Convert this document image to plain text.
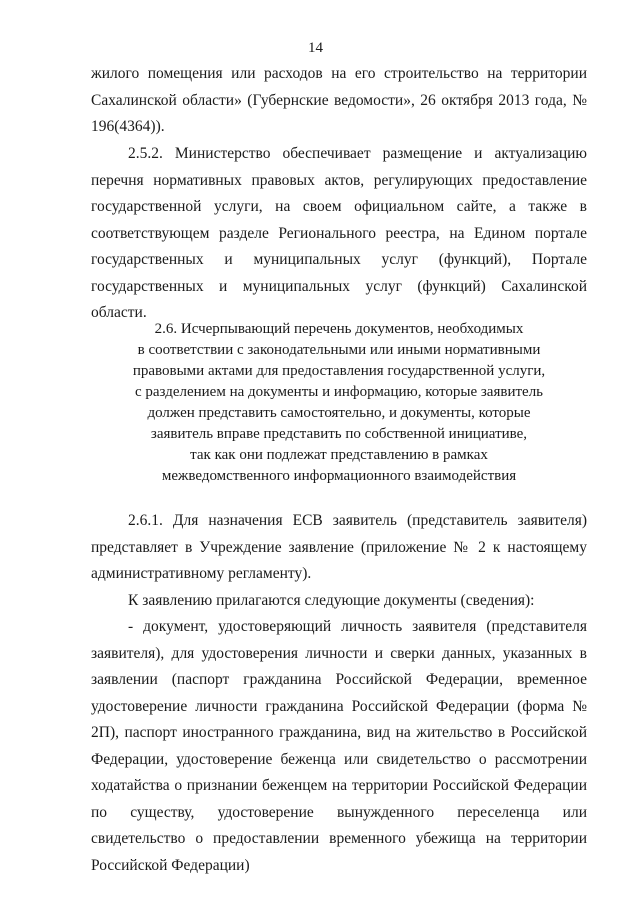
14

жилого помещения или расходов на его строительство на территории Сахалинской области» (Губернские ведомости», 26 октября 2013 года, № 196(4364)).

2.5.2. Министерство обеспечивает размещение и актуализацию перечня нормативных правовых актов, регулирующих предоставление государственной услуги, на своем официальном сайте, а также в соответствующем разделе Регионального реестра, на Едином портале государственных и муниципальных услуг (функций), Портале государственных и муниципальных услуг (функций) Сахалинской области.

2.6. Исчерпывающий перечень документов, необходимых
в соответствии с законодательными или иными нормативными
правовыми актами для предоставления государственной услуги,
с разделением на документы и информацию, которые заявитель
должен представить самостоятельно, и документы, которые
заявитель вправе представить по собственной инициативе,
так как они подлежат представлению в рамках
межведомственного информационного взаимодействия

2.6.1. Для назначения ЕСВ заявитель (представитель заявителя) представляет в Учреждение заявление (приложение № 2 к настоящему административному регламенту).

К заявлению прилагаются следующие документы (сведения):

- документ, удостоверяющий личность заявителя (представителя заявителя), для удостоверения личности и сверки данных, указанных в заявлении (паспорт гражданина Российской Федерации, временное удостоверение личности гражданина Российской Федерации (форма № 2П), паспорт иностранного гражданина, вид на жительство в Российской Федерации, удостоверение беженца или свидетельство о рассмотрении ходатайства о признании беженцем на территории Российской Федерации по существу, удостоверение вынужденного переселенца или свидетельство о предоставлении временного убежища на территории Российской Федерации)
